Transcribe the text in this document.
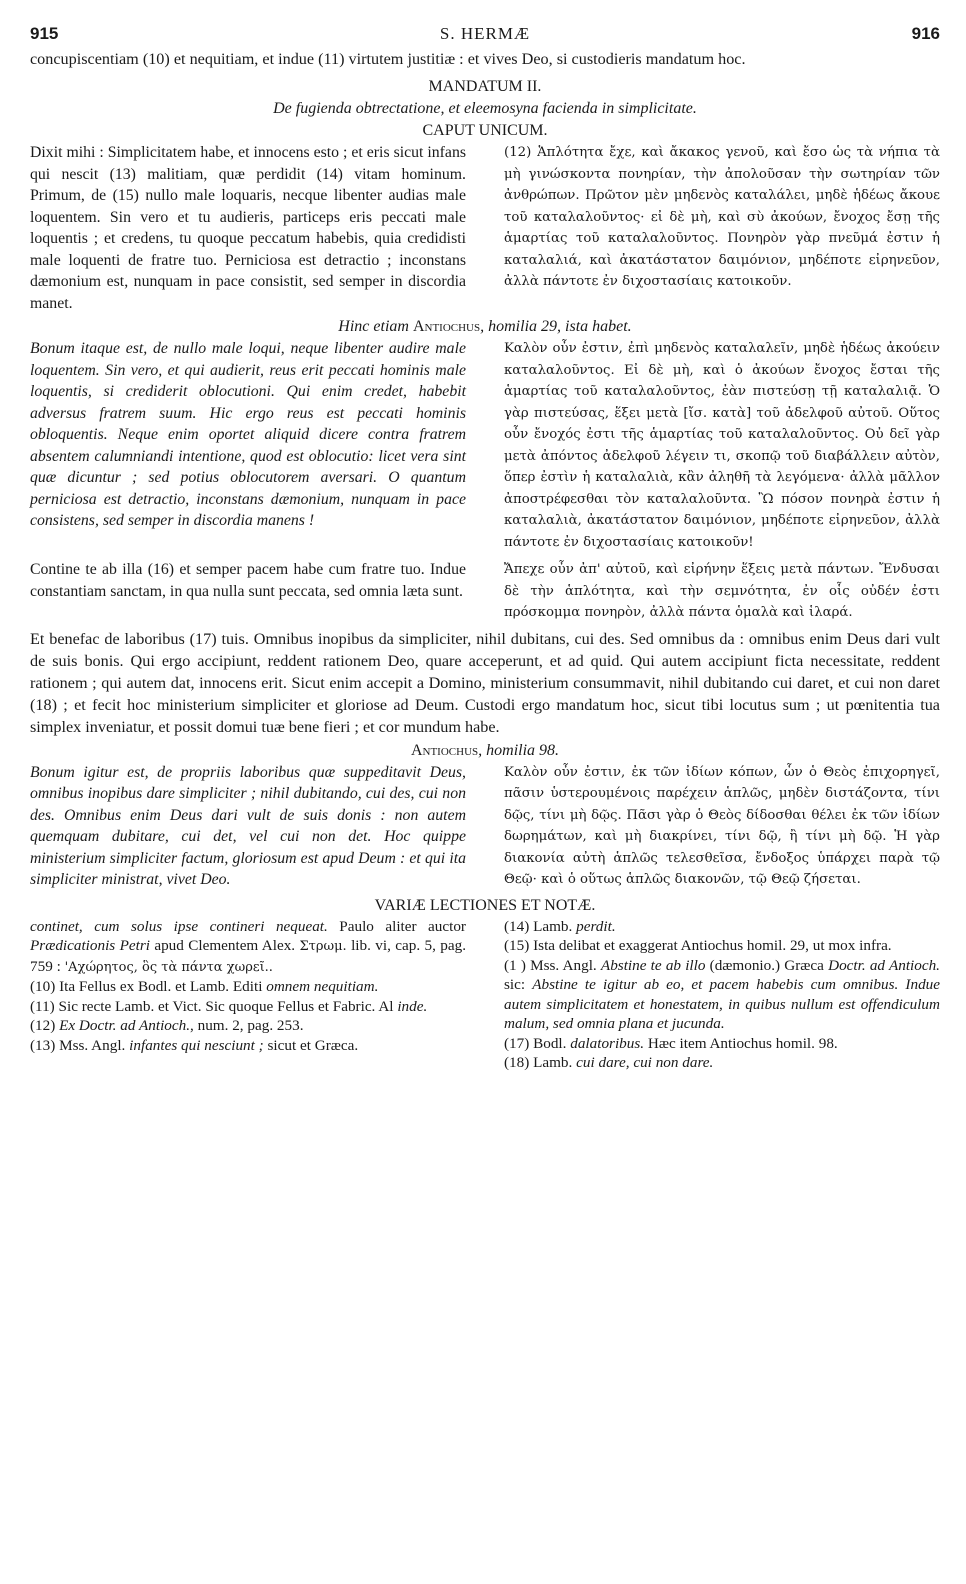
915	S. HERMÆ	916

concupiscentiam (10) et nequitiam, et indue (11) virtutem justitiæ : et vives Deo, si custodieris mandatum hoc.

MANDATUM II.

De fugienda obtrectatione, et eleemosyna facienda in simplicitate.

CAPUT UNICUM.

Dixit mihi : Simplicitatem habe, et innocens esto ; et eris sicut infans qui nescit (13) malitiam, quæ perdidit (14) vitam hominum. Primum, de (15) nullo male loquaris, necque libenter audias male loquentem. Sin vero et tu audieris, particeps eris peccati male loquentis ; et credens, tu quoque peccatum habebis, quia credidisti male loquenti de fratre tuo. Perniciosa est detractio ; inconstans dæmonium est, nunquam in pace consistit, sed semper in discordia manet.

(12) Ἁπλότητα ἔχε, καὶ ἄκακος γενοῦ, καὶ ἔσο ὡς τὰ νήπια τὰ μὴ γινώσκοντα πονηρίαν, τὴν ἀπολοῦσαν τὴν σωτηρίαν τῶν ἀνθρώπων. Πρῶτον μὲν μηδενὸς καταλάλει, μηδὲ ἡδέως ἄκουε τοῦ καταλαλοῦντος· εἰ δὲ μὴ, καὶ σὺ ἀκούων, ἔνοχος ἔσῃ τῆς ἁμαρτίας τοῦ καταλαλοῦντος. Πονηρὸν γὰρ πνεῦμά ἐστιν ἡ καταλαλιά, καὶ ἀκατάστατον δαιμόνιον, μηδέποτε εἰρηνεῦον, ἀλλὰ πάντοτε ἐν διχοστασίαις κατοικοῦν.

Hinc etiam Antiochus, homilia 29, ista habet.

Bonum itaque est, de nullo male loqui, neque libenter audire male loquentem. Sin vero, et qui audierit, reus erit peccati hominis male loquentis, si crediderit oblocutioni. Qui enim credet, habebit adversus fratrem suum. Hic ergo reus est peccati hominis obloquentis. Neque enim oportet aliquid dicere contra fratrem absentem calumniandi intentione, quod est oblocutio: licet vera sint quæ dicuntur ; sed potius oblocutorem aversari. O quantum perniciosa est detractio, inconstans dæmonium, nunquam in pace consistens, sed semper in discordia manens !

Καλὸν οὖν ἐστιν, ἐπὶ μηδενὸς καταλαλεῖν, μηδὲ ἡδέως ἀκούειν καταλαλοῦντος. Εἰ δὲ μὴ, καὶ ὁ ἀκούων ἔνοχος ἔσται τῆς ἁμαρτίας τοῦ καταλαλοῦντος, ἐὰν πιστεύσῃ τῇ καταλαλιᾷ. Ὁ γὰρ πιστεύσας, ἕξει μετὰ [ἴσ. κατὰ] τοῦ ἀδελφοῦ αὐτοῦ. Οὕτος οὖν ἔνοχός ἐστι τῆς ἁμαρτίας τοῦ καταλαλοῦντος. Οὐ δεῖ γὰρ μετὰ ἀπόντος ἀδελφοῦ λέγειν τι, σκοπῷ τοῦ διαβάλλειν αὐτὸν, ὅπερ ἐστὶν ἡ καταλαλιὰ, κἂν ἀληθῆ τὰ λεγόμενα· ἀλλὰ μᾶλλον ἀποστρέφεσθαι τὸν καταλαλοῦντα. Ὢ πόσον πονηρὰ ἐστιν ἡ καταλαλιὰ, ἀκατάστατον δαιμόνιον, μηδέποτε εἰρηνεῦον, ἀλλὰ πάντοτε ἐν διχοστασίαις κατοικοῦν!

Contine te ab illa (16) et semper pacem habe cum fratre tuo. Indue constantiam sanctam, in qua nulla sunt peccata, sed omnia læta sunt.

Ἄπεχε οὖν ἀπ' αὐτοῦ, καὶ εἰρήνην ἕξεις μετὰ πάντων. Ἔνδυσαι δὲ τὴν ἁπλότητα, καὶ τὴν σεμνότητα, ἐν οἷς οὐδέν ἐστι πρόσκομμα πονηρὸν, ἀλλὰ πάντα ὁμαλὰ καὶ ἱλαρά.

Et benefac de laboribus (17) tuis. Omnibus inopibus da simpliciter, nihil dubitans, cui des. Sed omnibus da : omnibus enim Deus dari vult de suis bonis. Qui ergo accipiunt, reddent rationem Deo, quare acceperunt, et ad quid. Qui autem accipiunt ficta necessitate, reddent rationem ; qui autem dat, innocens erit. Sicut enim accepit a Domino, ministerium consummavit, nihil dubitando cui daret, et cui non daret (18) ; et fecit hoc ministerium simpliciter et gloriose ad Deum. Custodi ergo mandatum hoc, sicut tibi locutus sum ; ut pœnitentia tua simplex inveniatur, et possit domui tuæ bene fieri ; et cor mundum habe.

Antiochus, homilia 98.

Bonum igitur est, de propriis laboribus quæ suppeditavit Deus, omnibus inopibus dare simpliciter ; nihil dubitando, cui des, cui non des. Omnibus enim Deus dari vult de suis donis : non autem quemquam dubitare, cui det, vel cui non det. Hoc quippe ministerium simpliciter factum, gloriosum est apud Deum : et qui ita simpliciter ministrat, vivet Deo.

Καλὸν οὖν ἐστιν, ἐκ τῶν ἰδίων κόπων, ὧν ὁ Θεὸς ἐπιχορηγεῖ, πᾶσιν ὑστερουμένοις παρέχειν ἁπλῶς, μηδὲν διστάζοντα, τίνι δῷς, τίνι μὴ δῷς. Πᾶσι γὰρ ὁ Θεὸς δίδοσθαι θέλει ἐκ τῶν ἰδίων δωρημάτων, καὶ μὴ διακρίνει, τίνι δῷ, ἢ τίνι μὴ δῷ. Ἡ γὰρ διακονία αὐτὴ ἁπλῶς τελεσθεῖσα, ἔνδοξος ὑπάρχει παρὰ τῷ Θεῷ· καὶ ὁ οὕτως ἁπλῶς διακονῶν, τῷ Θεῷ ζήσεται.

VARIÆ LECTIONES ET NOTÆ.

continet, cum solus ipse contineri nequeat. Paulo aliter auctor Prædicationis Petri apud Clementem Alex. Στρωμ. lib. vi, cap. 5, pag. 759 : 'Αχώρητος, ὃς τὰ πάντα χωρεῖ..

(10) Ita Fellus ex Bodl. et Lamb. Editi omnem nequitiam.

(11) Sic recte Lamb. et Vict. Sic quoque Fellus et Fabric. Al inde.

(12) Ex Doctr. ad Antioch., num. 2, pag. 253.

(13) Mss. Angl. infantes qui nesciunt ; sicut et Græca.

(14) Lamb. perdit.

(15) Ista delibat et exaggerat Antiochus homil. 29, ut mox infra.

(1 ) Mss. Angl. Abstine te ab illo (dæmonio.) Græca Doctr. ad Antioch. sic: Abstine te igitur ab eo, et pacem habebis cum omnibus. Indue autem simplicitatem et honestatem, in quibus nullum est offendiculum malum, sed omnia plana et jucunda.

(17) Bodl. dalatoribus. Hæc item Antiochus homil. 98.

(18) Lamb. cui dare, cui non dare.
